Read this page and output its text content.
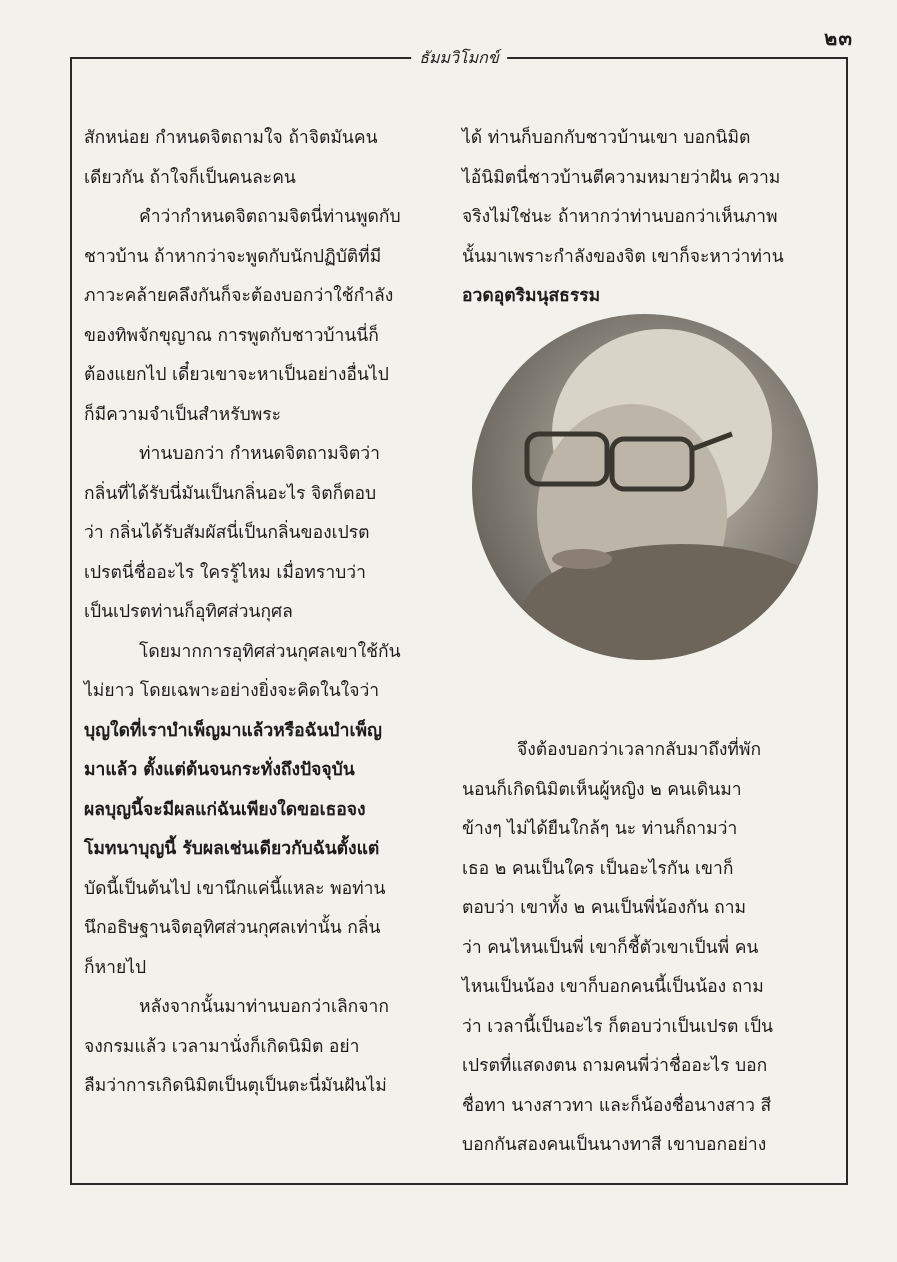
๒๓
ธัมมวิโมกข์
สักหน่อย กำหนดจิตถามใจ ถ้าจิตมันคน
เดียวกัน ถ้าใจก็เป็นคนละคน
คำว่ากำหนดจิตถามจิตนี่ท่านพูดกับ
ชาวบ้าน ถ้าหากว่าจะพูดกับนักปฏิบัติที่มี
ภาวะคล้ายคลึงกันก็จะต้องบอกว่าใช้กำลัง
ของทิพจักขุญาณ การพูดกับชาวบ้านนี่ก็
ต้องแยกไป เดี๋ยวเขาจะหาเป็นอย่างอื่นไป
ก็มีความจำเป็นสำหรับพระ
ท่านบอกว่า กำหนดจิตถามจิตว่า
กลิ่นที่ได้รับนี่มันเป็นกลิ่นอะไร จิตก็ตอบ
ว่า กลิ่นได้รับสัมผัสนี่เป็นกลิ่นของเปรต
เปรตนี่ชื่ออะไร ใครรู้ไหม เมื่อทราบว่า
เป็นเปรตท่านก็อุทิศส่วนกุศล
โดยมากการอุทิศส่วนกุศลเขาใช้กัน
ไม่ยาว โดยเฉพาะอย่างยิ่งจะคิดในใจว่า
บุญใดที่เราบำเพ็ญมาแล้วหรือฉันบำเพ็ญ
มาแล้ว ตั้งแต่ต้นจนกระทั่งถึงปัจจุบัน
ผลบุญนี้จะมีผลแก่ฉันเพียงใดขอเธอจง
โมทนาบุญนี้ รับผลเช่นเดียวกับฉันตั้งแต่
บัดนี้เป็นต้นไป เขานึกแค่นี้แหละ พอท่าน
นึกอธิษฐานจิตอุทิศส่วนกุศลเท่านั้น กลิ่น
ก็หายไป
หลังจากนั้นมาท่านบอกว่าเลิกจาก
จงกรมแล้ว เวลามานั่งก็เกิดนิมิต อย่า
ลืมว่าการเกิดนิมิตเป็นตุเป็นตะนี่มันฝันไม่
ได้ ท่านก็บอกกับชาวบ้านเขา บอกนิมิต
ไอ้นิมิตนี่ชาวบ้านตีความหมายว่าฝัน ความ
จริงไม่ใช่นะ ถ้าหากว่าท่านบอกว่าเห็นภาพ
นั้นมาเพราะกำลังของจิต เขาก็จะหาว่าท่าน
อวดอุตริมนุสธรรม
จึงต้องบอกว่าเวลากลับมาถึงที่พัก
นอนก็เกิดนิมิตเห็นผู้หญิง ๒ คนเดินมา
ข้างๆ ไม่ได้ยืนใกล้ๆ นะ ท่านก็ถามว่า
เธอ ๒ คนเป็นใคร เป็นอะไรกัน เขาก็
ตอบว่า เขาทั้ง ๒ คนเป็นพี่น้องกัน ถาม
ว่า คนไหนเป็นพี่ เขาก็ชี้ตัวเขาเป็นพี่ คน
ไหนเป็นน้อง เขาก็บอกคนนี้เป็นน้อง ถาม
ว่า เวลานี้เป็นอะไร ก็ตอบว่าเป็นเปรต เป็น
เปรตที่แสดงตน ถามคนพี่ว่าชื่ออะไร บอก
ชื่อทา นางสาวทา และก็น้องชื่อนางสาว สี
บอกกันสองคนเป็นนางทาสี เขาบอกอย่าง
